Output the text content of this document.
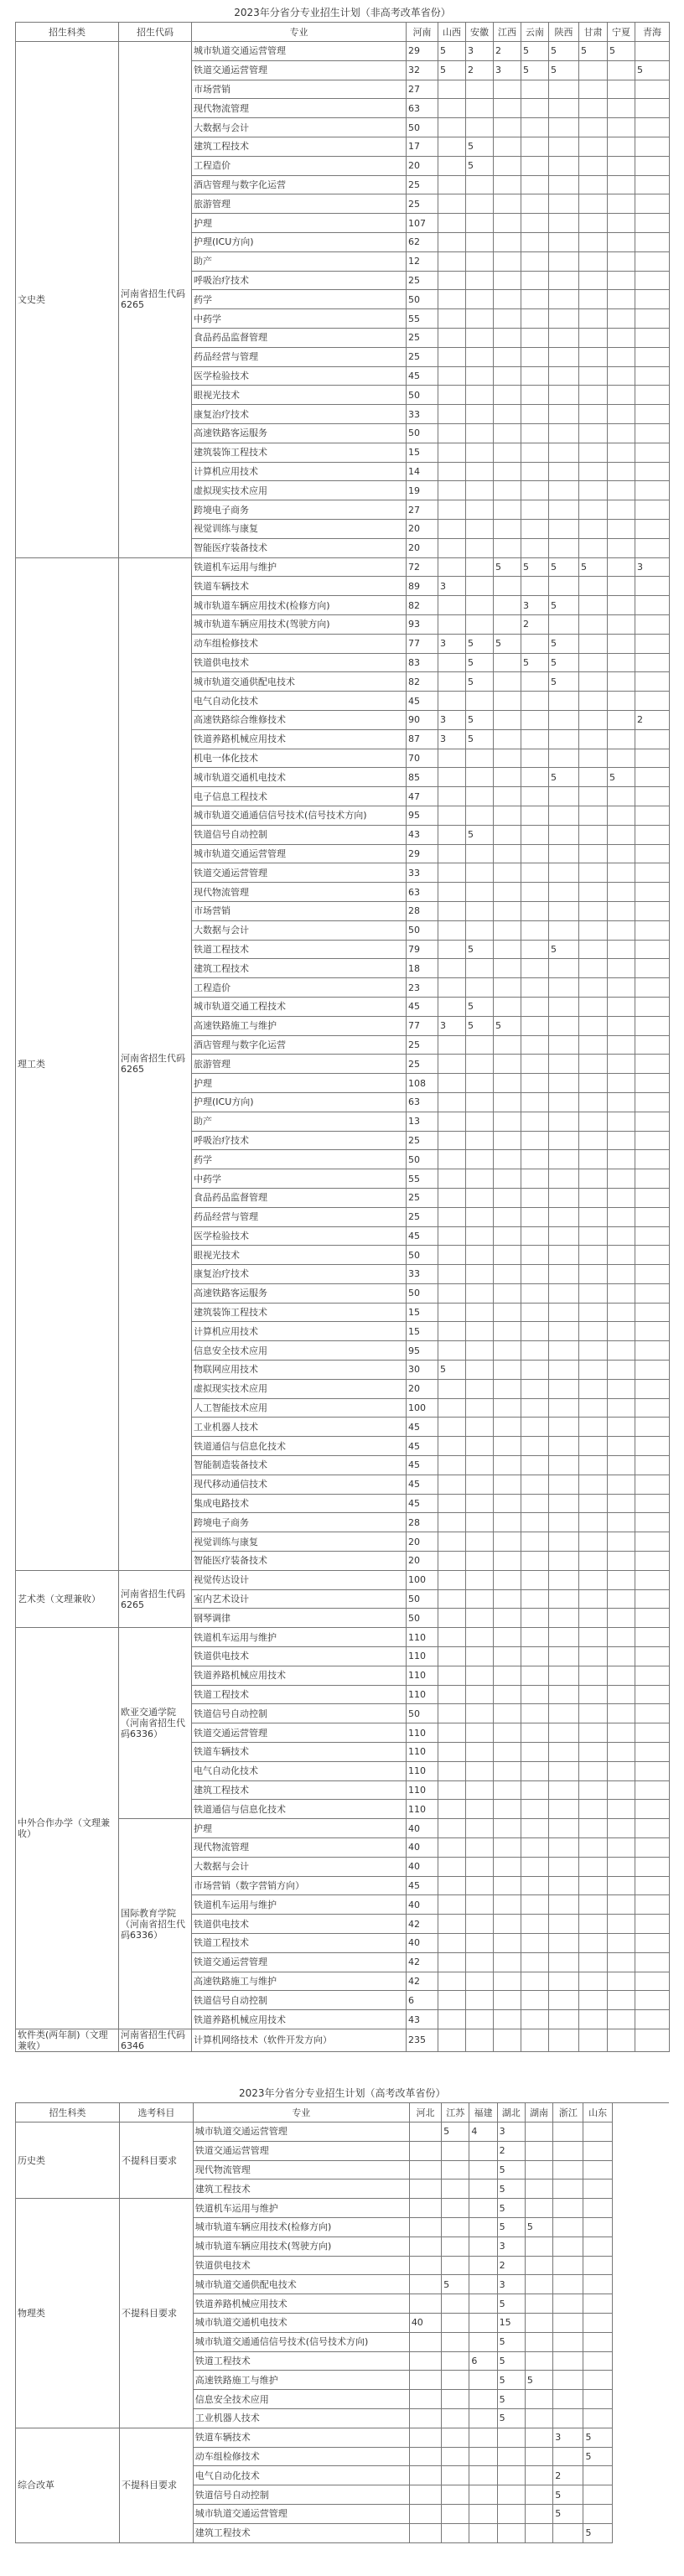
2023年分省分专业招生计划（非高考改革省份）											
招生科类	招生代码	专业	河南	山西	安徽	江西	云南	陕西	甘肃	宁夏	青海
文史类	河南省招生代码6265	城市轨道交通运营管理	29	5	3	2	5	5	5	5	
		铁道交通运营管理	32	5	2	3	5	5			5
		市场营销	27								
		现代物流管理	63								
		大数据与会计	50								
		建筑工程技术	17		5						
		工程造价	20		5						
		酒店管理与数字化运营	25								
		旅游管理	25								
		护理	107								
		护理(ICU方向)	62								
		助产	12								
		呼吸治疗技术	25								
		药学	50								
		中药学	55								
		食品药品监督管理	25								
		药品经营与管理	25								
		医学检验技术	45								
		眼视光技术	50								
		康复治疗技术	33								
		高速铁路客运服务	50								
		建筑装饰工程技术	15								
		计算机应用技术	14								
		虚拟现实技术应用	19								
		跨境电子商务	27								
		视觉训练与康复	20								
		智能医疗装备技术	20								
理工类	河南省招生代码6265	铁道机车运用与维护	72			5	5	5	5		3
		铁道车辆技术	89	3							
		城市轨道车辆应用技术(检修方向)	82				3	5			
		城市轨道车辆应用技术(驾驶方向)	93				2				
		动车组检修技术	77	3	5	5		5			
		铁道供电技术	83		5		5	5			
		城市轨道交通供配电技术	82		5			5			
		电气自动化技术	45								
		高速铁路综合维修技术	90	3	5						2
		铁道养路机械应用技术	87	3	5						
		机电一体化技术	70								
		城市轨道交通机电技术	85					5		5	
		电子信息工程技术	47								
		城市轨道交通通信信号技术(信号技术方向)	95								
		铁道信号自动控制	43		5						
		城市轨道交通运营管理	29								
		铁道交通运营管理	33								
		现代物流管理	63								
		市场营销	28								
		大数据与会计	50								
		铁道工程技术	79		5			5			
		建筑工程技术	18								
		工程造价	23								
		城市轨道交通工程技术	45		5						
		高速铁路施工与维护	77	3	5	5					
		酒店管理与数字化运营	25								
		旅游管理	25								
		护理	108								
		护理(ICU方向)	63								
		助产	13								
		呼吸治疗技术	25								
		药学	50								
		中药学	55								
		食品药品监督管理	25								
		药品经营与管理	25								
		医学检验技术	45								
		眼视光技术	50								
		康复治疗技术	33								
		高速铁路客运服务	50								
		建筑装饰工程技术	15								
		计算机应用技术	15								
		信息安全技术应用	95								
		物联网应用技术	30	5							
		虚拟现实技术应用	20								
		人工智能技术应用	100								
		工业机器人技术	45								
		铁道通信与信息化技术	45								
		智能制造装备技术	45								
		现代移动通信技术	45								
		集成电路技术	45								
		跨境电子商务	28								
		视觉训练与康复	20								
		智能医疗装备技术	20								
艺术类（文理兼收）	河南省招生代码6265	视觉传达设计	100								
		室内艺术设计	50								
		钢琴调律	50								
中外合作办学（文理兼收）	欧亚交通学院（河南省招生代码6336）	铁道机车运用与维护	110								
		铁道供电技术	110								
		铁道养路机械应用技术	110								
		铁道工程技术	110								
		铁道信号自动控制	50								
		铁道交通运营管理	110								
		铁道车辆技术	110								
		电气自动化技术	110								
		建筑工程技术	110								
		铁道通信与信息化技术	110								
	国际教育学院（河南省招生代码6336）	护理	40								
		现代物流管理	40								
		大数据与会计	40								
		市场营销（数字营销方向）	45								
		铁道机车运用与维护	40								
		铁道供电技术	42								
		铁道工程技术	40								
		铁道交通运营管理	42								
		高速铁路施工与维护	42								
		铁道信号自动控制	6								
		铁道养路机械应用技术	43								
软件类(两年制)（文理兼收）	河南省招生代码6346	计算机网络技术（软件开发方向）	235								
2023年分省分专业招生计划（高考改革省份）									
招生科类	选考科目	专业	河北	江苏	福建	湖北	湖南	浙江	山东
历史类	不提科目要求	城市轨道交通运营管理		5	4	3			
		铁道交通运营管理				2			
		现代物流管理				5			
		建筑工程技术				5			
物理类	不提科目要求	铁道机车运用与维护				5			
		城市轨道车辆应用技术(检修方向)				5	5		
		城市轨道车辆应用技术(驾驶方向)				3			
		铁道供电技术				2			
		城市轨道交通供配电技术		5		3			
		铁道养路机械应用技术				5			
		城市轨道交通机电技术	40			15			
		城市轨道交通通信信号技术(信号技术方向)				5			
		铁道工程技术			6	5			
		高速铁路施工与维护				5	5		
		信息安全技术应用				5			
		工业机器人技术				5			
综合改革	不提科目要求	铁道车辆技术						3	5
		动车组检修技术							5
		电气自动化技术						2	
		铁道信号自动控制						5	
		城市轨道交通运营管理						5	
		建筑工程技术							5
